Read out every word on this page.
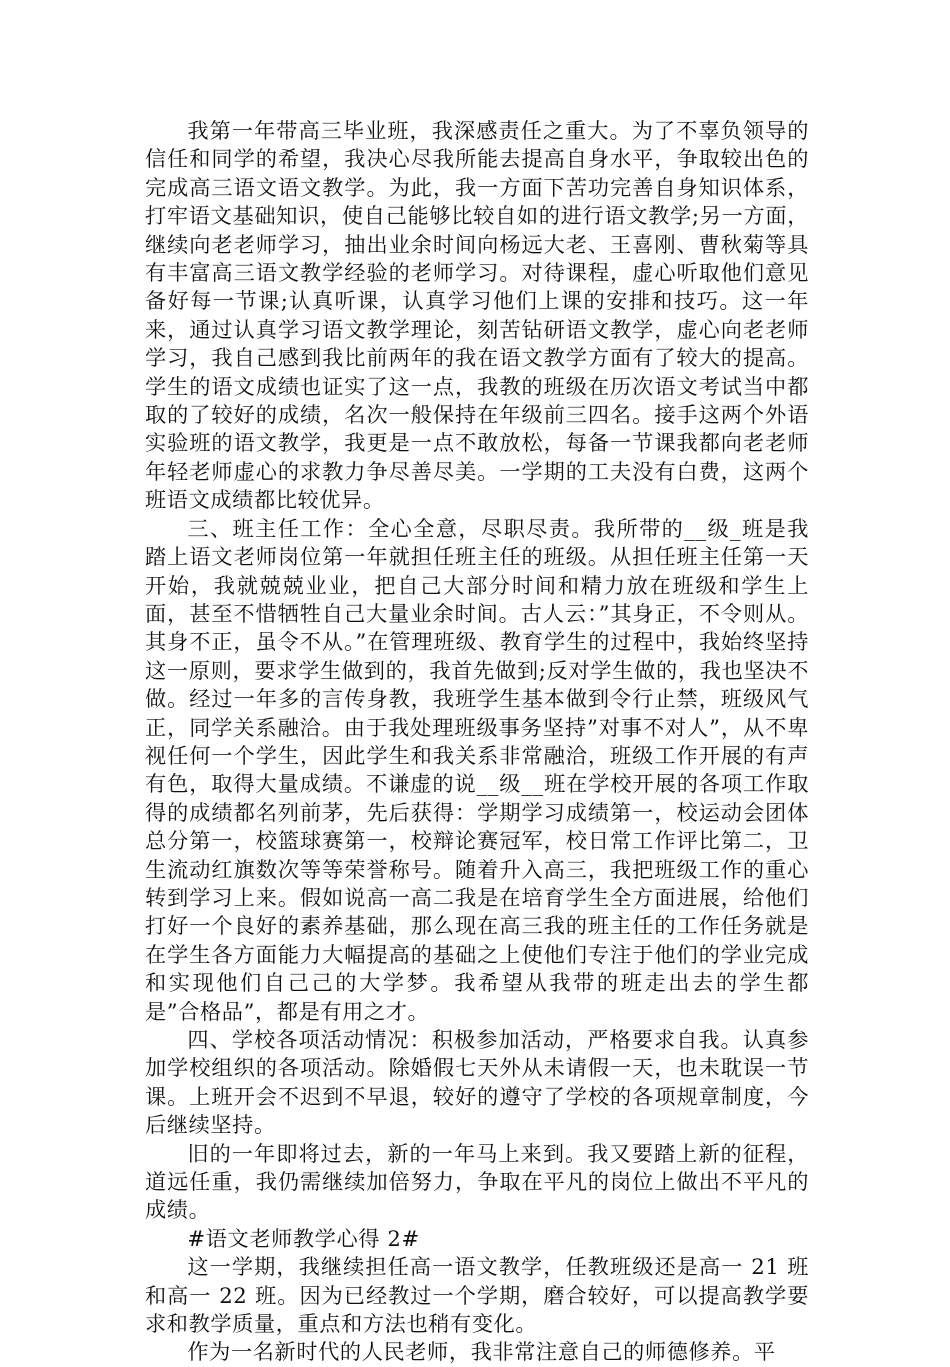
我第一年带高三毕业班，我深感责任之重大。为了不辜负领导的信任和同学的希望，我决心尽我所能去提高自身水平，争取较出色的完成高三语文语文教学。为此，我一方面下苦功完善自身知识体系，打牢语文基础知识，使自己能够比较自如的进行语文教学;另一方面，继续向老老师学习，抽出业余时间向杨远大老、王喜刚、曹秋菊等具有丰富高三语文教学经验的老师学习。对待课程，虚心听取他们意见备好每一节课;认真听课，认真学习他们上课的安排和技巧。这一年来，通过认真学习语文教学理论，刻苦钻研语文教学，虚心向老老师学习，我自己感到我比前两年的我在语文教学方面有了较大的提高。学生的语文成绩也证实了这一点，我教的班级在历次语文考试当中都取的了较好的成绩，名次一般保持在年级前三四名。接手这两个外语实验班的语文教学，我更是一点不敢放松，每备一节课我都向老老师年轻老师虚心的求教力争尽善尽美。一学期的工夫没有白费，这两个班语文成绩都比较优异。

三、班主任工作：全心全意，尽职尽责。我所带的__级_班是我踏上语文老师岗位第一年就担任班主任的班级。从担任班主任第一天开始，我就兢兢业业，把自己大部分时间和精力放在班级和学生上面，甚至不惜牺牲自己大量业余时间。古人云：”其身正，不令则从。其身不正，虽令不从。”在管理班级、教育学生的过程中，我始终坚持这一原则，要求学生做到的，我首先做到;反对学生做的，我也坚决不做。经过一年多的言传身教，我班学生基本做到令行止禁，班级风气正，同学关系融洽。由于我处理班级事务坚持”对事不对人”，从不卑视任何一个学生，因此学生和我关系非常融洽，班级工作开展的有声有色，取得大量成绩。不谦虚的说__级__班在学校开展的各项工作取得的成绩都名列前茅，先后获得：学期学习成绩第一，校运动会团体总分第一，校篮球赛第一，校辩论赛冠军，校日常工作评比第二，卫生流动红旗数次等等荣誉称号。随着升入高三，我把班级工作的重心转到学习上来。假如说高一高二我是在培育学生全方面进展，给他们打好一个良好的素养基础，那么现在高三我的班主任的工作任务就是在学生各方面能力大幅提高的基础之上使他们专注于他们的学业完成和实现他们自己己的大学梦。我希望从我带的班走出去的学生都是”合格品”，都是有用之才。

四、学校各项活动情况：积极参加活动，严格要求自我。认真参加学校组织的各项活动。除婚假七天外从未请假一天，也未耽误一节课。上班开会不迟到不早退，较好的遵守了学校的各项规章制度，今后继续坚持。

旧的一年即将过去，新的一年马上来到。我又要踏上新的征程，道远任重，我仍需继续加倍努力，争取在平凡的岗位上做出不平凡的成绩。

#语文老师教学心得 2#

这一学期，我继续担任高一语文教学，任教班级还是高一 21 班和高一 22 班。因为已经教过一个学期，磨合较好，可以提高教学要求和教学质量，重点和方法也稍有变化。

作为一名新时代的人民老师，我非常注意自己的师德修养。平
